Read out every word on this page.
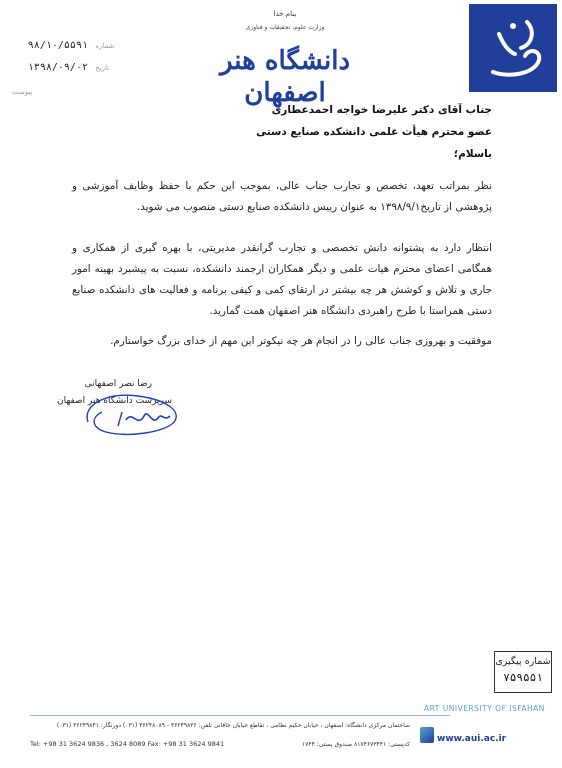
بنام خدا
وزارت علوم، تحقیقات و فناوری
دانشگاه هنر اصفهان
۹۸/۱۰/۵۵۹۱ شماره
۱۳۹۸/۰۹/۰۲ تاریخ
پیوست
جناب آقای دکتر علیرضا خواجه احمدعطاری
عضو محترم هیأت علمی دانشکده صنایع دستی
باسلام؛
نظر بمراتب تعهد، تخصص و تجارب جناب عالی، بموجب این حکم با حفظ وظایف آموزشی و پژوهشی از تاریخ۱۳۹۸/۹/۱ به عنوان رییس دانشکده صنایع دستی منصوب می شوید.
انتظار دارد به پشتوانه دانش تخصصی و تجارب گرانقدر مدیریتی، با بهره گیری از همکاری و همگامی اعضای محترم هیات علمی و دیگر همکاران ارجمند دانشکده، نسبت به پیشبرد بهینه امور جاری و تلاش و کوشش هر چه بیشتر در ارتقای کمی و کیفی برنامه و فعالیت های دانشکده صنایع دستی همراستا با طرح راهبردی دانشگاه هنر اصفهان همت گمارید.
موفقیت و بهروزی جناب عالی را در انجام هر چه نیکوتر این مهم از خدای بزرگ خواستارم.
رضا نصر اصفهانی
سرپرست دانشگاه هنر اصفهان
شماره پیگیری
۷۵۹۵۵۱
ART UNIVERSITY OF ISFAHAN
ساختمان مرکزی دانشگاه: اصفهان ، خیابان حکیم نظامی ، تقاطع خیابان خاقانی تلفن: ۳۶۲۴۹۸۳۶ - ۳۶۲۴۸۰۸۹ (۰۳۱) دورنگار: ۳۶۲۴۹۸۴۱ (۰۳۱)
Tel: +98 31 3624 9836 , 3624 8089 Fax: +98 31 3624 9841	کدپستی: ۸۱۷۴۶۷۳۴۴۱ صندوق پستی: ۱۷۴۴
www.aui.ac.ir
